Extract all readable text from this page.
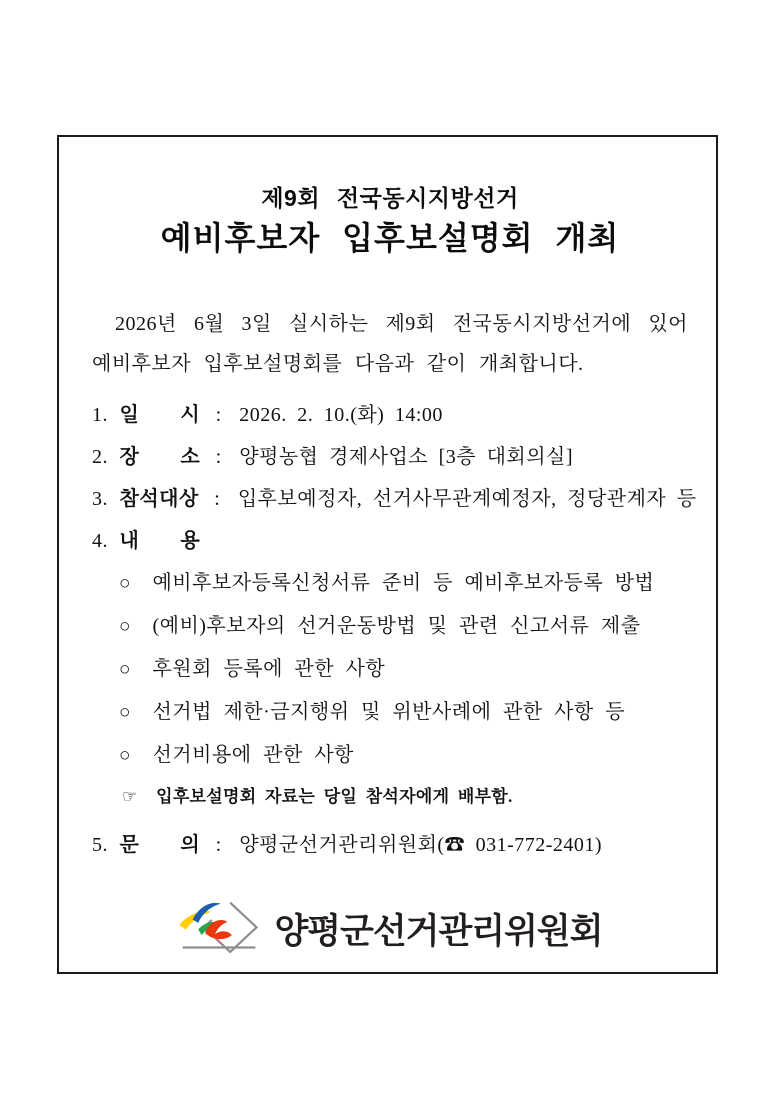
제9회 전국동시지방선거
예비후보자 입후보설명회 개최

2026년 6월 3일 실시하는 제9회 전국동시지방선거에 있어 예비후보자 입후보설명회를 다음과 같이 개최합니다.

1. 일　　시 : 2026. 2. 10.(화) 14:00
2. 장　　소 : 양평농협 경제사업소 [3층 대회의실]
3. 참석대상 : 입후보예정자, 선거사무관계예정자, 정당관계자 등
4. 내　　용
○ 예비후보자등록신청서류 준비 등 예비후보자등록 방법
○ (예비)후보자의 선거운동방법 및 관련 신고서류 제출
○ 후원회 등록에 관한 사항
○ 선거법 제한·금지행위 및 위반사례에 관한 사항 등
○ 선거비용에 관한 사항
☞ 입후보설명회 자료는 당일 참석자에게 배부함.
5. 문　　의 : 양평군선거관리위원회(☎ 031-772-2401)
양평군선거관리위원회
